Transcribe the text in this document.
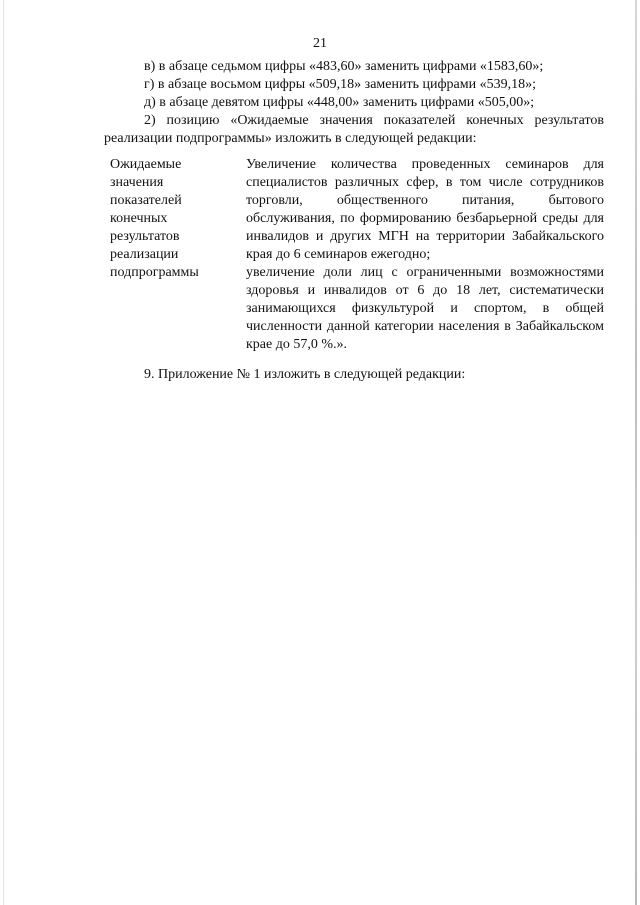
21

в) в абзаце седьмом цифры «483,60» заменить цифрами «1583,60»;

г) в абзаце восьмом цифры «509,18» заменить цифрами «539,18»;

д) в абзаце девятом цифры «448,00» заменить цифрами «505,00»;

2) позицию «Ожидаемые значения показателей конечных результатов реализации подпрограммы» изложить в следующей редакции:

Ожидаемые
значения
показателей
конечных
результатов
реализации
подпрограммы

Увеличение количества проведенных семинаров для специалистов различных сфер, в том числе сотрудников торговли, общественного питания, бытового обслуживания, по формированию безбарьерной среды для инвалидов и других МГН на территории Забайкальского края до 6 семинаров ежегодно;

увеличение доли лиц с ограниченными возможностями здоровья и инвалидов от 6 до 18 лет, систематически занимающихся физкультурой и спортом, в общей численности данной категории населения в Забайкальском крае до 57,0 %.».

9. Приложение № 1 изложить в следующей редакции:
